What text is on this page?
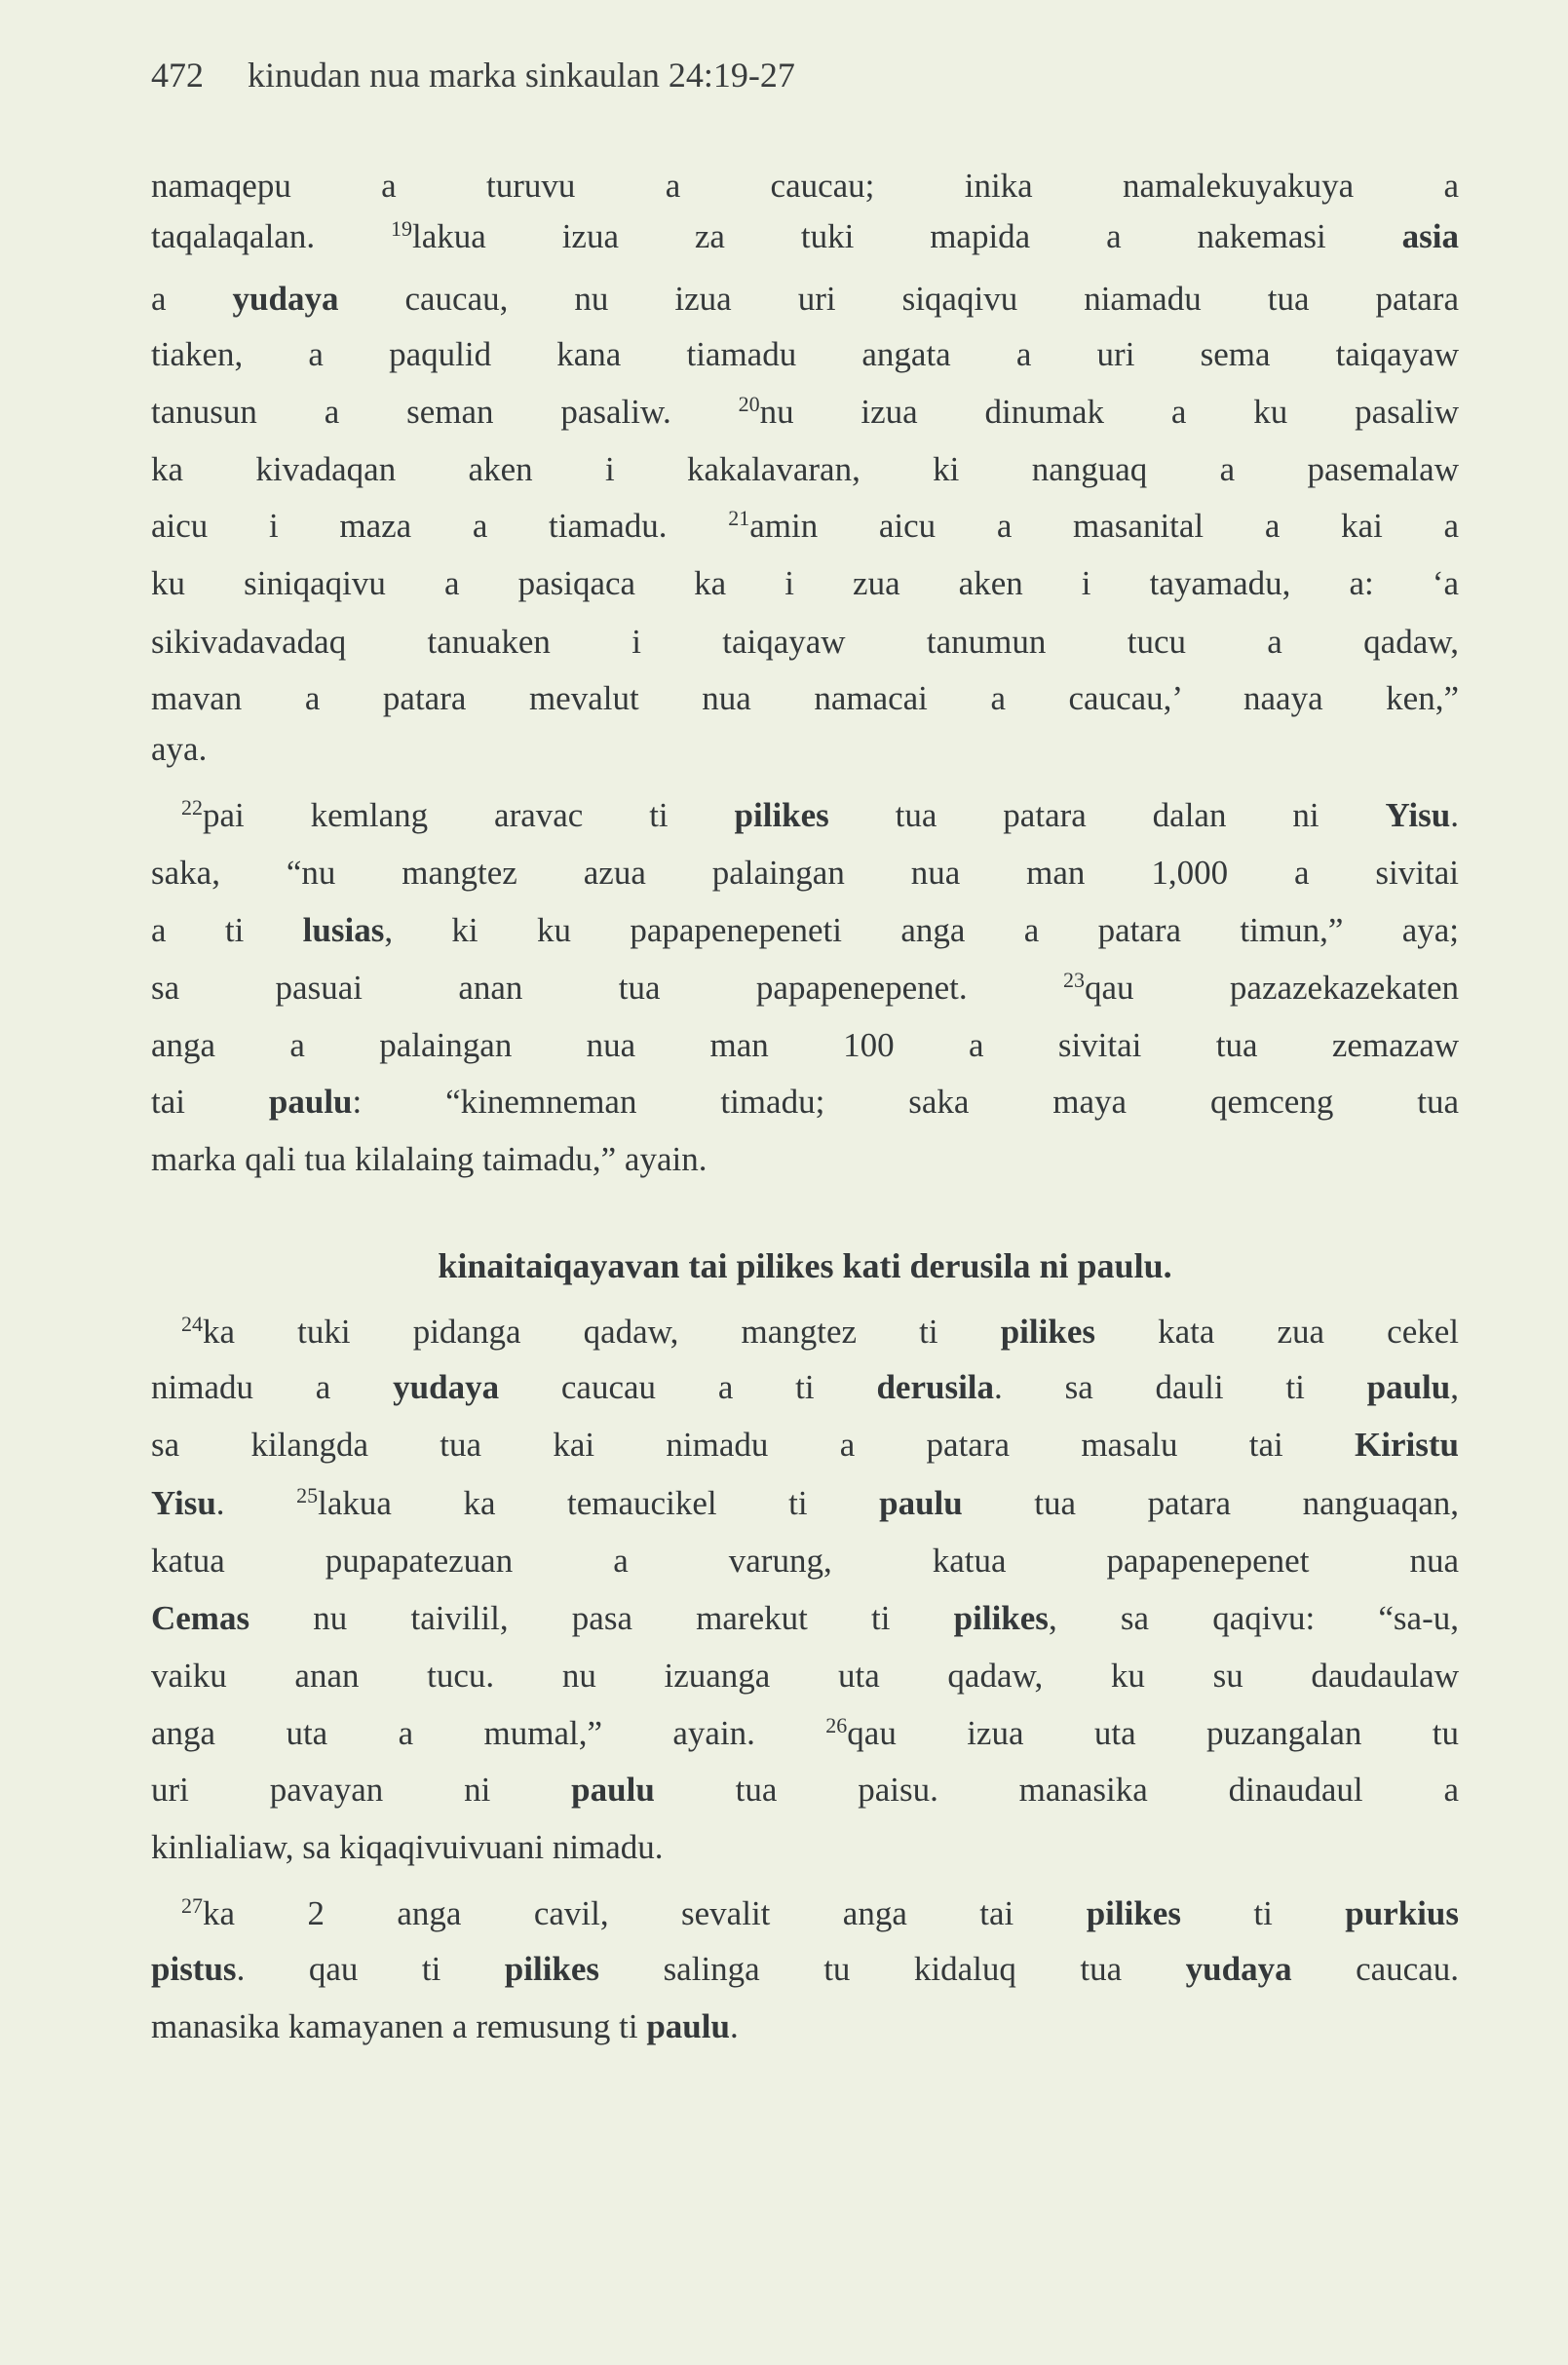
472 kinudan nua marka sinkaulan 24:19-27
kinaitaiqayavan tai pilikes kati derusila ni paulu.
namaqepu a turuvu a caucau; inika namalekuyakuya a
taqalaqalan. $^{19}$lakua izua za tuki mapida a nakemasi asia
a yudaya caucau, nu izua uri siqaqivu niamadu tua patara
tiaken, a paqulid kana tiamadu angata a uri sema taiqayaw
tanusun a seman pasaliw. $^{20}$nu izua dinumak a ku pasaliw
ka kivadaqan aken i kakalavaran, ki nanguaq a pasemalaw
aicu i maza a tiamadu. $^{21}$amin aicu a masanital a kai a
ku siniqaqivu a pasiqaca ka i zua aken i tayamadu, a: ‘a
sikivadavadaq tanuaken i taiqayaw tanumun tucu a qadaw,
mavan a patara mevalut nua namacai a caucau,’ naaya ken,”
aya.
$^{22}$pai kemlang aravac ti pilikes tua patara dalan ni Yisu.
saka, “nu mangtez azua palaingan nua man 1,000 a sivitai
a ti lusias, ki ku papapenepeneti anga a patara timun,” aya;
sa pasuai anan tua papapenepenet. $^{23}$qau pazazekazekaten
anga a palaingan nua man 100 a sivitai tua zemazaw
tai paulu: “kinemneman timadu; saka maya qemceng tua
marka qali tua kilalaing taimadu,” ayain.
$^{24}$ka tuki pidanga qadaw, mangtez ti pilikes kata zua cekel
nimadu a yudaya caucau a ti derusila. sa dauli ti paulu,
sa kilangda tua kai nimadu a patara masalu tai Kiristu
Yisu. $^{25}$lakua ka temaucikel ti paulu tua patara nanguaqan,
katua pupapatezuan a varung, katua papapenepenet nua
Cemas nu taivilil, pasa marekut ti pilikes, sa qaqivu: “sa-u,
vaiku anan tucu. nu izuanga uta qadaw, ku su daudaulaw
anga uta a mumal,” ayain. $^{26}$qau izua uta puzangalan tu
uri pavayan ni paulu tua paisu. manasika dinaudaul a
kinlialiaw, sa kiqaqivuivuani nimadu.
$^{27}$ka 2 anga cavil, sevalit anga tai pilikes ti purkius
pistus. qau ti pilikes salinga tu kidaluq tua yudaya caucau.
manasika kamayanen a remusung ti paulu.
